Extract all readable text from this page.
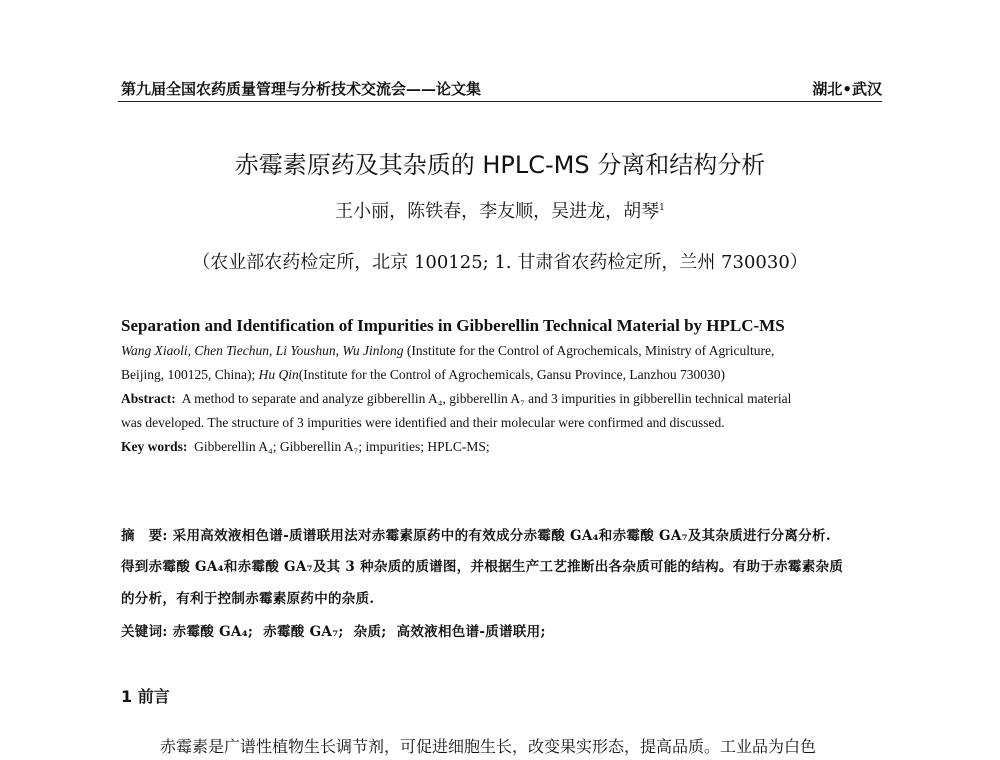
第九届全国农药质量管理与分析技术交流会——论文集	湖北•武汉
赤霉素原药及其杂质的 HPLC-MS 分离和结构分析
王小丽，陈铁春，李友顺，吴进龙，胡琴$^1$
（农业部农药检定所，北京 100125; 1. 甘肃省农药检定所，兰州 730030）
Separation and Identification of Impurities in Gibberellin Technical Material by HPLC-MS
Wang Xiaoli, Chen Tiechun, Li Youshun, Wu Jinlong (Institute for the Control of Agrochemicals, Ministry of Agriculture,
Beijing, 100125, China); Hu Qin(Institute for the Control of Agrochemicals, Gansu Province, Lanzhou 730030)
Abstract:  A method to separate and analyze gibberellin A₄, gibberellin A₇ and 3 impurities in gibberellin technical material
was developed. The structure of 3 impurities were identified and their molecular were confirmed and discussed.
Key words:  Gibberellin A₄; Gibberellin A₇; impurities; HPLC-MS;
摘　要: 采用高效液相色谱-质谱联用法对赤霉素原药中的有效成分赤霉酸 GA₄和赤霉酸 GA₇及其杂质进行分离分析.
得到赤霉酸 GA₄和赤霉酸 GA₇及其 3 种杂质的质谱图，并根据生产工艺推断出各杂质可能的结构。有助于赤霉素杂质
的分析，有利于控制赤霉素原药中的杂质.
关键词: 赤霉酸 GA₄;  赤霉酸 GA₇;  杂质;  高效液相色谱-质谱联用;
1 前言
赤霉素是广谱性植物生长调节剂，可促进细胞生长，改变果实形态，提高品质。工业品为白色
